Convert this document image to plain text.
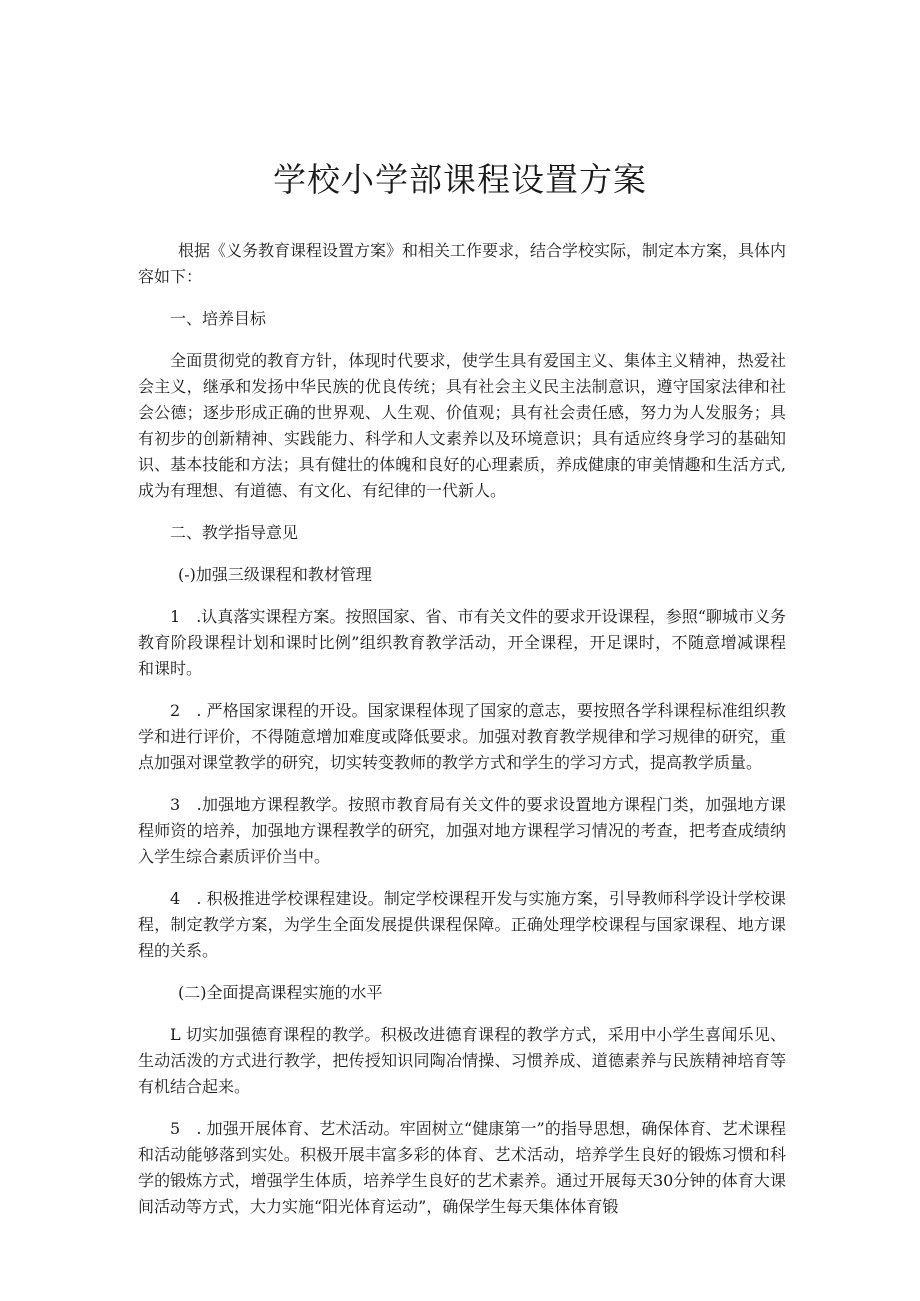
学校小学部课程设置方案

根据《义务教育课程设置方案》和相关工作要求，结合学校实际，制定本方案，具体内容如下：

一、培养目标

全面贯彻党的教育方针，体现时代要求，使学生具有爱国主义、集体主义精神，热爱社会主义，继承和发扬中华民族的优良传统；具有社会主义民主法制意识，遵守国家法律和社会公德；逐步形成正确的世界观、人生观、价值观；具有社会责任感，努力为人发服务；具有初步的创新精神、实践能力、科学和人文素养以及环境意识；具有适应终身学习的基础知识、基本技能和方法；具有健壮的体魄和良好的心理素质，养成健康的审美情趣和生活方式,成为有理想、有道德、有文化、有纪律的一代新人。

二、教学指导意见

(-)加强三级课程和教材管理

1　.认真落实课程方案。按照国家、省、市有关文件的要求开设课程，参照“聊城市义务教育阶段课程计划和课时比例”组织教育教学活动，开全课程，开足课时，不随意增减课程和课时。

2　. 严格国家课程的开设。国家课程体现了国家的意志，要按照各学科课程标准组织教学和进行评价，不得随意增加难度或降低要求。加强对教育教学规律和学习规律的研究，重点加强对课堂教学的研究，切实转变教师的教学方式和学生的学习方式，提高教学质量。

3　.加强地方课程教学。按照市教育局有关文件的要求设置地方课程门类，加强地方课程师资的培养，加强地方课程教学的研究，加强对地方课程学习情况的考查，把考查成绩纳入学生综合素质评价当中。

4　. 积极推进学校课程建设。制定学校课程开发与实施方案，引导教师科学设计学校课程，制定教学方案，为学生全面发展提供课程保障。正确处理学校课程与国家课程、地方课程的关系。

(二)全面提高课程实施的水平

L 切实加强德育课程的教学。积极改进德育课程的教学方式，采用中小学生喜闻乐见、生动活泼的方式进行教学，把传授知识同陶冶情操、习惯养成、道德素养与民族精神培育等有机结合起来。

5　. 加强开展体育、艺术活动。牢固树立“健康第一”的指导思想，确保体育、艺术课程和活动能够落到实处。积极开展丰富多彩的体育、艺术活动，培养学生良好的锻炼习惯和科学的锻炼方式，增强学生体质，培养学生良好的艺术素养。通过开展每天30分钟的体育大课间活动等方式，大力实施“阳光体育运动”，确保学生每天集体体育锻
